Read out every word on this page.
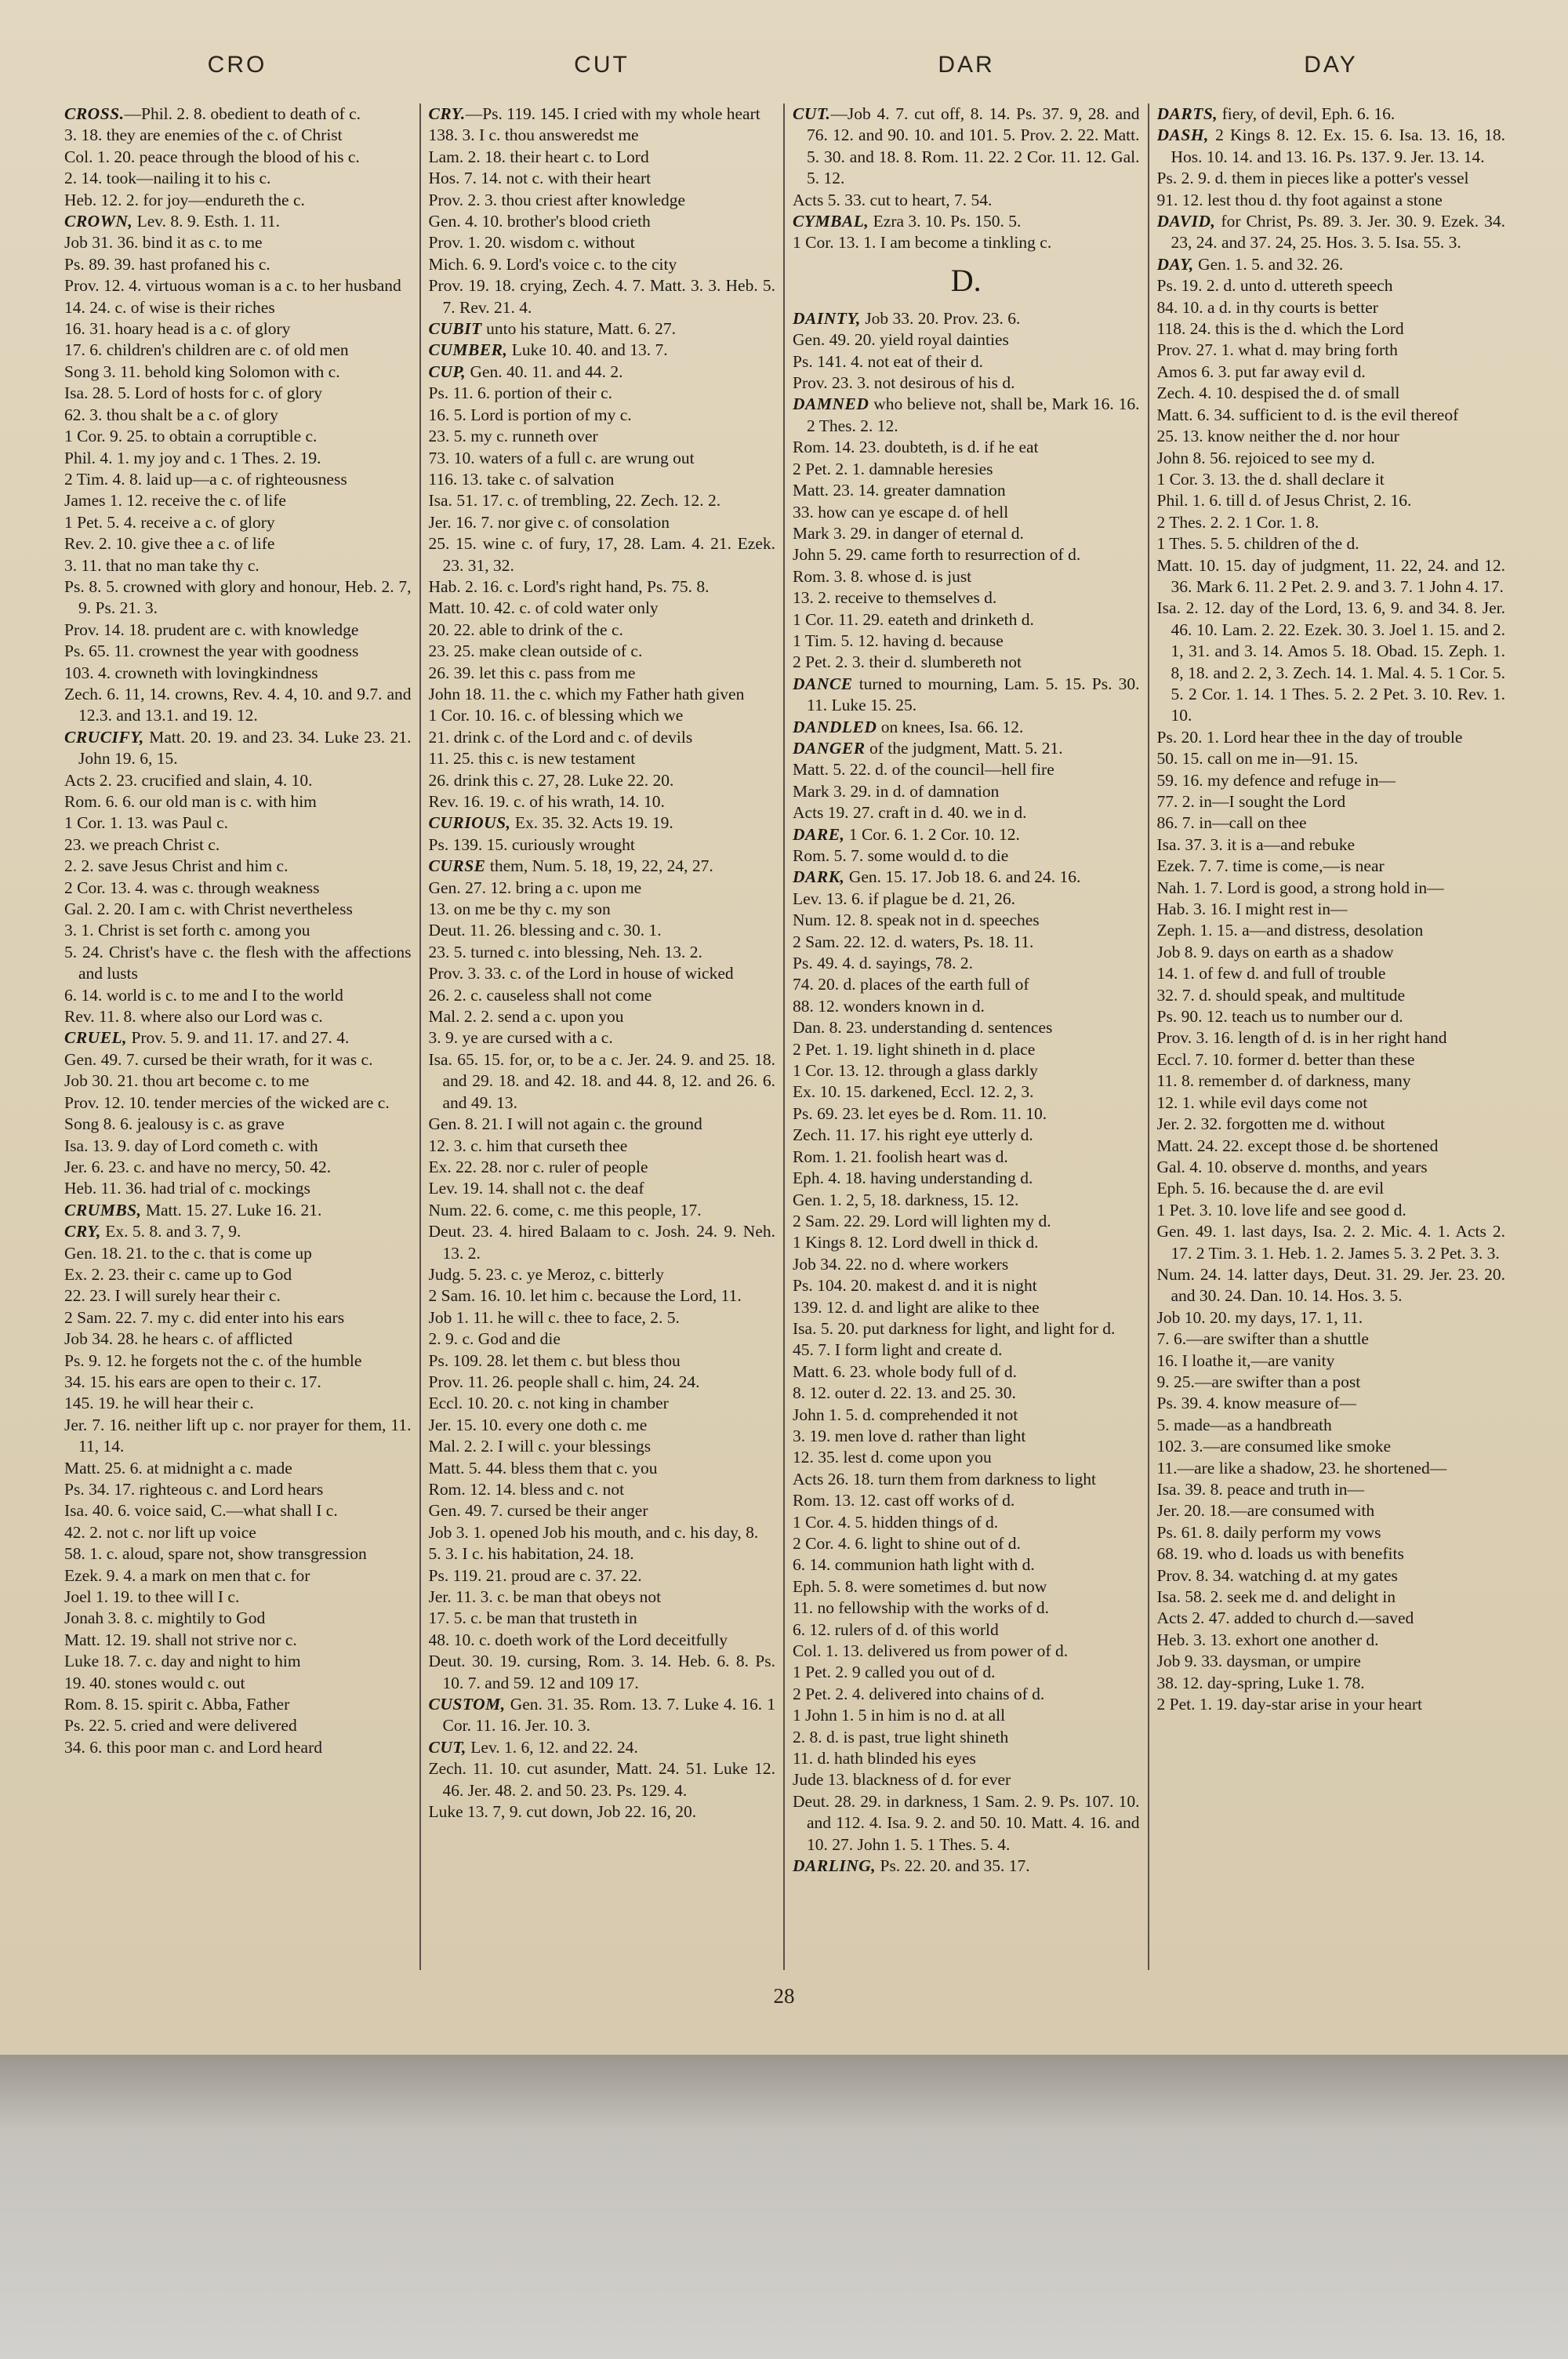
CRO	CUT	DAR	DAY

CROSS.—Phil. 2. 8. obedient to death of c.

3. 18. they are enemies of the c. of Christ

Col. 1. 20. peace through the blood of his c.

2. 14. took—nailing it to his c.

Heb. 12. 2. for joy—endureth the c.

CROWN, Lev. 8. 9. Esth. 1. 11.

Job 31. 36. bind it as c. to me

Ps. 89. 39. hast profaned his c.

Prov. 12. 4. virtuous woman is a c. to her husband

14. 24. c. of wise is their riches

16. 31. hoary head is a c. of glory

17. 6. children's children are c. of old men

Song 3. 11. behold king Solomon with c.

Isa. 28. 5. Lord of hosts for c. of glory

62. 3. thou shalt be a c. of glory

1 Cor. 9. 25. to obtain a corruptible c.

Phil. 4. 1. my joy and c. 1 Thes. 2. 19.

2 Tim. 4. 8. laid up—a c. of righteousness

James 1. 12. receive the c. of life

1 Pet. 5. 4. receive a c. of glory

Rev. 2. 10. give thee a c. of life

3. 11. that no man take thy c.

Ps. 8. 5. crowned with glory and honour, Heb. 2. 7, 9. Ps. 21. 3.

Prov. 14. 18. prudent are c. with knowledge

Ps. 65. 11. crownest the year with goodness

103. 4. crowneth with lovingkindness

Zech. 6. 11, 14. crowns, Rev. 4. 4, 10. and 9.7. and 12.3. and 13.1. and 19. 12.

CRUCIFY, Matt. 20. 19. and 23. 34. Luke 23. 21. John 19. 6, 15.

Acts 2. 23. crucified and slain, 4. 10.

Rom. 6. 6. our old man is c. with him

1 Cor. 1. 13. was Paul c.

23. we preach Christ c.

2. 2. save Jesus Christ and him c.

2 Cor. 13. 4. was c. through weakness

Gal. 2. 20. I am c. with Christ nevertheless

3. 1. Christ is set forth c. among you

5. 24. Christ's have c. the flesh with the affections and lusts

6. 14. world is c. to me and I to the world

Rev. 11. 8. where also our Lord was c.

CRUEL, Prov. 5. 9. and 11. 17. and 27. 4.

Gen. 49. 7. cursed be their wrath, for it was c.

Job 30. 21. thou art become c. to me

Prov. 12. 10. tender mercies of the wicked are c.

Song 8. 6. jealousy is c. as grave

Isa. 13. 9. day of Lord cometh c. with

Jer. 6. 23. c. and have no mercy, 50. 42.

Heb. 11. 36. had trial of c. mockings

CRUMBS, Matt. 15. 27. Luke 16. 21.

CRY, Ex. 5. 8. and 3. 7, 9.

Gen. 18. 21. to the c. that is come up

Ex. 2. 23. their c. came up to God

22. 23. I will surely hear their c.

2 Sam. 22. 7. my c. did enter into his ears

Job 34. 28. he hears c. of afflicted

Ps. 9. 12. he forgets not the c. of the humble

34. 15. his ears are open to their c. 17.

145. 19. he will hear their c.

Jer. 7. 16. neither lift up c. nor prayer for them, 11. 11, 14.

Matt. 25. 6. at midnight a c. made

Ps. 34. 17. righteous c. and Lord hears

Isa. 40. 6. voice said, C.—what shall I c.

42. 2. not c. nor lift up voice

58. 1. c. aloud, spare not, show transgression

Ezek. 9. 4. a mark on men that c. for

Joel 1. 19. to thee will I c.

Jonah 3. 8. c. mightily to God

Matt. 12. 19. shall not strive nor c.

Luke 18. 7. c. day and night to him

19. 40. stones would c. out

Rom. 8. 15. spirit c. Abba, Father

Ps. 22. 5. cried and were delivered

34. 6. this poor man c. and Lord heard

CRY.—Ps. 119. 145. I cried with my whole heart

138. 3. I c. thou answeredst me

Lam. 2. 18. their heart c. to Lord

Hos. 7. 14. not c. with their heart

Prov. 2. 3. thou criest after knowledge

Gen. 4. 10. brother's blood crieth

Prov. 1. 20. wisdom c. without

Mich. 6. 9. Lord's voice c. to the city

Prov. 19. 18. crying, Zech. 4. 7. Matt. 3. 3. Heb. 5. 7. Rev. 21. 4.

CUBIT unto his stature, Matt. 6. 27.

CUMBER, Luke 10. 40. and 13. 7.

CUP, Gen. 40. 11. and 44. 2.

Ps. 11. 6. portion of their c.

16. 5. Lord is portion of my c.

23. 5. my c. runneth over

73. 10. waters of a full c. are wrung out

116. 13. take c. of salvation

Isa. 51. 17. c. of trembling, 22. Zech. 12. 2.

Jer. 16. 7. nor give c. of consolation

25. 15. wine c. of fury, 17, 28. Lam. 4. 21. Ezek. 23. 31, 32.

Hab. 2. 16. c. Lord's right hand, Ps. 75. 8.

Matt. 10. 42. c. of cold water only

20. 22. able to drink of the c.

23. 25. make clean outside of c.

26. 39. let this c. pass from me

John 18. 11. the c. which my Father hath given

1 Cor. 10. 16. c. of blessing which we

21. drink c. of the Lord and c. of devils

11. 25. this c. is new testament

26. drink this c. 27, 28. Luke 22. 20.

Rev. 16. 19. c. of his wrath, 14. 10.

CURIOUS, Ex. 35. 32. Acts 19. 19.

Ps. 139. 15. curiously wrought

CURSE them, Num. 5. 18, 19, 22, 24, 27.

Gen. 27. 12. bring a c. upon me

13. on me be thy c. my son

Deut. 11. 26. blessing and c. 30. 1.

23. 5. turned c. into blessing, Neh. 13. 2.

Prov. 3. 33. c. of the Lord in house of wicked

26. 2. c. causeless shall not come

Mal. 2. 2. send a c. upon you

3. 9. ye are cursed with a c.

Isa. 65. 15. for, or, to be a c. Jer. 24. 9. and 25. 18. and 29. 18. and 42. 18. and 44. 8, 12. and 26. 6. and 49. 13.

Gen. 8. 21. I will not again c. the ground

12. 3. c. him that curseth thee

Ex. 22. 28. nor c. ruler of people

Lev. 19. 14. shall not c. the deaf

Num. 22. 6. come, c. me this people, 17.

Deut. 23. 4. hired Balaam to c. Josh. 24. 9. Neh. 13. 2.

Judg. 5. 23. c. ye Meroz, c. bitterly

2 Sam. 16. 10. let him c. because the Lord, 11.

Job 1. 11. he will c. thee to face, 2. 5.

2. 9. c. God and die

Ps. 109. 28. let them c. but bless thou

Prov. 11. 26. people shall c. him, 24. 24.

Eccl. 10. 20. c. not king in chamber

Jer. 15. 10. every one doth c. me

Mal. 2. 2. I will c. your blessings

Matt. 5. 44. bless them that c. you

Rom. 12. 14. bless and c. not

Gen. 49. 7. cursed be their anger

Job 3. 1. opened Job his mouth, and c. his day, 8.

5. 3. I c. his habitation, 24. 18.

Ps. 119. 21. proud are c. 37. 22.

Jer. 11. 3. c. be man that obeys not

17. 5. c. be man that trusteth in

48. 10. c. doeth work of the Lord deceitfully

Deut. 30. 19. cursing, Rom. 3. 14. Heb. 6. 8. Ps. 10. 7. and 59. 12 and 109 17.

CUSTOM, Gen. 31. 35. Rom. 13. 7. Luke 4. 16. 1 Cor. 11. 16. Jer. 10. 3.

CUT, Lev. 1. 6, 12. and 22. 24.

Zech. 11. 10. cut asunder, Matt. 24. 51. Luke 12. 46. Jer. 48. 2. and 50. 23. Ps. 129. 4.

Luke 13. 7, 9. cut down, Job 22. 16, 20.

CUT.—Job 4. 7. cut off, 8. 14. Ps. 37. 9, 28. and 76. 12. and 90. 10. and 101. 5. Prov. 2. 22. Matt. 5. 30. and 18. 8. Rom. 11. 22. 2 Cor. 11. 12. Gal. 5. 12.

Acts 5. 33. cut to heart, 7. 54.

CYMBAL, Ezra 3. 10. Ps. 150. 5.

1 Cor. 13. 1. I am become a tinkling c.

D.

DAINTY, Job 33. 20. Prov. 23. 6.

Gen. 49. 20. yield royal dainties

Ps. 141. 4. not eat of their d.

Prov. 23. 3. not desirous of his d.

DAMNED who believe not, shall be, Mark 16. 16. 2 Thes. 2. 12.

Rom. 14. 23. doubteth, is d. if he eat

2 Pet. 2. 1. damnable heresies

Matt. 23. 14. greater damnation

33. how can ye escape d. of hell

Mark 3. 29. in danger of eternal d.

John 5. 29. came forth to resurrection of d.

Rom. 3. 8. whose d. is just

13. 2. receive to themselves d.

1 Cor. 11. 29. eateth and drinketh d.

1 Tim. 5. 12. having d. because

2 Pet. 2. 3. their d. slumbereth not

DANCE turned to mourning, Lam. 5. 15. Ps. 30. 11. Luke 15. 25.

DANDLED on knees, Isa. 66. 12.

DANGER of the judgment, Matt. 5. 21.

Matt. 5. 22. d. of the council—hell fire

Mark 3. 29. in d. of damnation

Acts 19. 27. craft in d. 40. we in d.

DARE, 1 Cor. 6. 1. 2 Cor. 10. 12.

Rom. 5. 7. some would d. to die

DARK, Gen. 15. 17. Job 18. 6. and 24. 16.

Lev. 13. 6. if plague be d. 21, 26.

Num. 12. 8. speak not in d. speeches

2 Sam. 22. 12. d. waters, Ps. 18. 11.

Ps. 49. 4. d. sayings, 78. 2.

74. 20. d. places of the earth full of

88. 12. wonders known in d.

Dan. 8. 23. understanding d. sentences

2 Pet. 1. 19. light shineth in d. place

1 Cor. 13. 12. through a glass darkly

Ex. 10. 15. darkened, Eccl. 12. 2, 3.

Ps. 69. 23. let eyes be d. Rom. 11. 10.

Zech. 11. 17. his right eye utterly d.

Rom. 1. 21. foolish heart was d.

Eph. 4. 18. having understanding d.

Gen. 1. 2, 5, 18. darkness, 15. 12.

2 Sam. 22. 29. Lord will lighten my d.

1 Kings 8. 12. Lord dwell in thick d.

Job 34. 22. no d. where workers

Ps. 104. 20. makest d. and it is night

139. 12. d. and light are alike to thee

Isa. 5. 20. put darkness for light, and light for d.

45. 7. I form light and create d.

Matt. 6. 23. whole body full of d.

8. 12. outer d. 22. 13. and 25. 30.

John 1. 5. d. comprehended it not

3. 19. men love d. rather than light

12. 35. lest d. come upon you

Acts 26. 18. turn them from darkness to light

Rom. 13. 12. cast off works of d.

1 Cor. 4. 5. hidden things of d.

2 Cor. 4. 6. light to shine out of d.

6. 14. communion hath light with d.

Eph. 5. 8. were sometimes d. but now

11. no fellowship with the works of d.

6. 12. rulers of d. of this world

Col. 1. 13. delivered us from power of d.

1 Pet. 2. 9 called you out of d.

2 Pet. 2. 4. delivered into chains of d.

1 John 1. 5 in him is no d. at all

2. 8. d. is past, true light shineth

11. d. hath blinded his eyes

Jude 13. blackness of d. for ever

Deut. 28. 29. in darkness, 1 Sam. 2. 9. Ps. 107. 10. and 112. 4. Isa. 9. 2. and 50. 10. Matt. 4. 16. and 10. 27. John 1. 5. 1 Thes. 5. 4.

DARLING, Ps. 22. 20. and 35. 17.

DARTS, fiery, of devil, Eph. 6. 16.

DASH, 2 Kings 8. 12. Ex. 15. 6. Isa. 13. 16, 18. Hos. 10. 14. and 13. 16. Ps. 137. 9. Jer. 13. 14.

Ps. 2. 9. d. them in pieces like a potter's vessel

91. 12. lest thou d. thy foot against a stone

DAVID, for Christ, Ps. 89. 3. Jer. 30. 9. Ezek. 34. 23, 24. and 37. 24, 25. Hos. 3. 5. Isa. 55. 3.

DAY, Gen. 1. 5. and 32. 26.

Ps. 19. 2. d. unto d. uttereth speech

84. 10. a d. in thy courts is better

118. 24. this is the d. which the Lord

Prov. 27. 1. what d. may bring forth

Amos 6. 3. put far away evil d.

Zech. 4. 10. despised the d. of small

Matt. 6. 34. sufficient to d. is the evil thereof

25. 13. know neither the d. nor hour

John 8. 56. rejoiced to see my d.

1 Cor. 3. 13. the d. shall declare it

Phil. 1. 6. till d. of Jesus Christ, 2. 16.

2 Thes. 2. 2. 1 Cor. 1. 8.

1 Thes. 5. 5. children of the d.

Matt. 10. 15. day of judgment, 11. 22, 24. and 12. 36. Mark 6. 11. 2 Pet. 2. 9. and 3. 7. 1 John 4. 17.

Isa. 2. 12. day of the Lord, 13. 6, 9. and 34. 8. Jer. 46. 10. Lam. 2. 22. Ezek. 30. 3. Joel 1. 15. and 2. 1, 31. and 3. 14. Amos 5. 18. Obad. 15. Zeph. 1. 8, 18. and 2. 2, 3. Zech. 14. 1. Mal. 4. 5. 1 Cor. 5. 5. 2 Cor. 1. 14. 1 Thes. 5. 2. 2 Pet. 3. 10. Rev. 1. 10.

Ps. 20. 1. Lord hear thee in the day of trouble

50. 15. call on me in—91. 15.

59. 16. my defence and refuge in—

77. 2. in—I sought the Lord

86. 7. in—call on thee

Isa. 37. 3. it is a—and rebuke

Ezek. 7. 7. time is come,—is near

Nah. 1. 7. Lord is good, a strong hold in—

Hab. 3. 16. I might rest in—

Zeph. 1. 15. a—and distress, desolation

Job 8. 9. days on earth as a shadow

14. 1. of few d. and full of trouble

32. 7. d. should speak, and multitude

Ps. 90. 12. teach us to number our d.

Prov. 3. 16. length of d. is in her right hand

Eccl. 7. 10. former d. better than these

11. 8. remember d. of darkness, many

12. 1. while evil days come not

Jer. 2. 32. forgotten me d. without

Matt. 24. 22. except those d. be shortened

Gal. 4. 10. observe d. months, and years

Eph. 5. 16. because the d. are evil

1 Pet. 3. 10. love life and see good d.

Gen. 49. 1. last days, Isa. 2. 2. Mic. 4. 1. Acts 2. 17. 2 Tim. 3. 1. Heb. 1. 2. James 5. 3. 2 Pet. 3. 3.

Num. 24. 14. latter days, Deut. 31. 29. Jer. 23. 20. and 30. 24. Dan. 10. 14. Hos. 3. 5.

Job 10. 20. my days, 17. 1, 11.

7. 6.—are swifter than a shuttle

16. I loathe it,—are vanity

9. 25.—are swifter than a post

Ps. 39. 4. know measure of—

5. made—as a handbreath

102. 3.—are consumed like smoke

11.—are like a shadow, 23. he shortened—

Isa. 39. 8. peace and truth in—

Jer. 20. 18.—are consumed with

Ps. 61. 8. daily perform my vows

68. 19. who d. loads us with benefits

Prov. 8. 34. watching d. at my gates

Isa. 58. 2. seek me d. and delight in

Acts 2. 47. added to church d.—saved

Heb. 3. 13. exhort one another d.

Job 9. 33. daysman, or umpire

38. 12. day-spring, Luke 1. 78.

2 Pet. 1. 19. day-star arise in your heart

28
